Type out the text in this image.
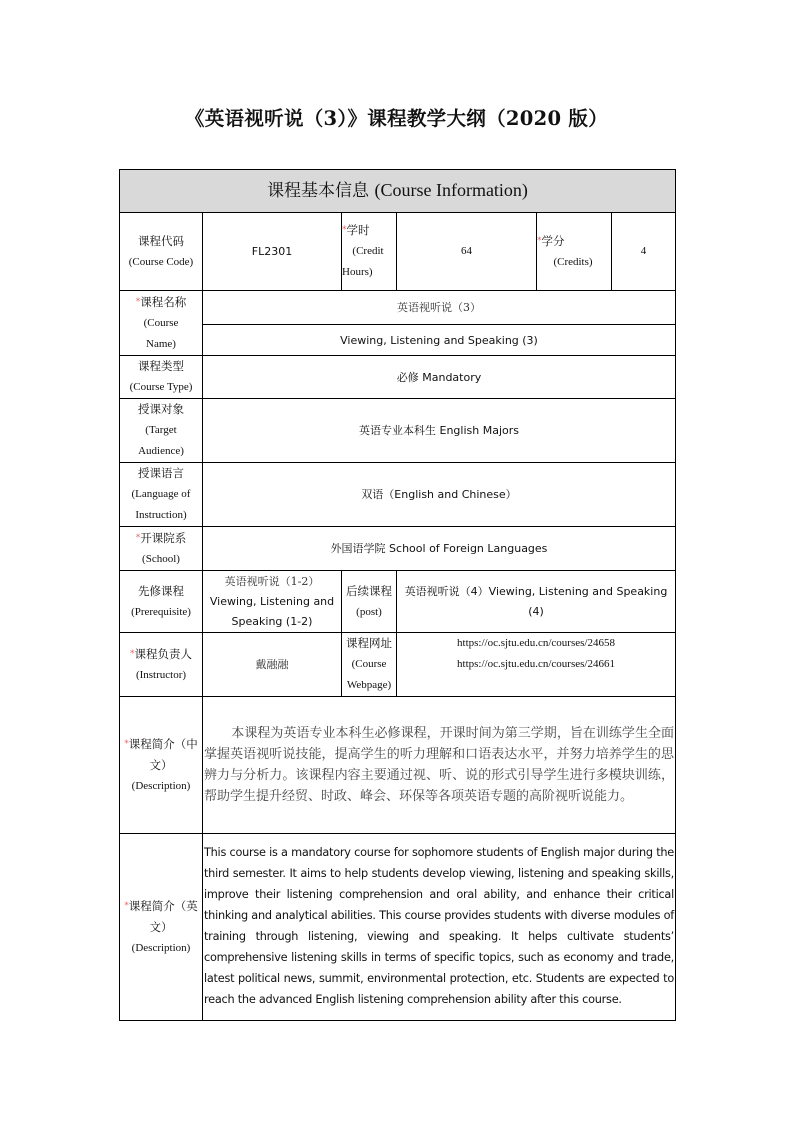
《英语视听说（3）》课程教学大纲（2020 版）
课程基本信息 (Course Information)					

课程代码
(Course Code)	FL2301	*学时
(Credit
Hours)	64	*学分
(Credits)	4

*课程名称
(Course
Name)	英语视听说（3）				
	Viewing, Listening and Speaking (3)				

课程类型
(Course Type)	必修 Mandatory				

授课对象
(Target
Audience)	英语专业本科生 English Majors				

授课语言
(Language of
Instruction)	双语（English and Chinese）				

*开课院系
(School)	外国语学院 School of Foreign Languages				

先修课程
(Prerequisite)	英语视听说（1-2）
Viewing, Listening and Speaking (1-2)	后续课程
(post)	英语视听说（4）Viewing, Listening and Speaking (4)		

*课程负责人
(Instructor)	戴融融	课程网址
(Course
Webpage)	https://oc.sjtu.edu.cn/courses/24658
https://oc.sjtu.edu.cn/courses/24661		

*课程简介（中文）
(Description)	本课程为英语专业本科生必修课程，开课时间为第三学期，旨在训练学生全面掌握英语视听说技能，提高学生的听力理解和口语表达水平，并努力培养学生的思辨力与分析力。该课程内容主要通过视、听、说的形式引导学生进行多模块训练，帮助学生提升经贸、时政、峰会、环保等各项英语专题的高阶视听说能力。				

*课程简介（英文）
(Description)	This course is a mandatory course for sophomore students of English major during the third semester. It aims to help students develop viewing, listening and speaking skills, improve their listening comprehension and oral ability, and enhance their critical thinking and analytical abilities. This course provides students with diverse modules of training through listening, viewing and speaking. It helps cultivate students’ comprehensive listening skills in terms of specific topics, such as economy and trade, latest political news, summit, environmental protection, etc. Students are expected to reach the advanced English listening comprehension ability after this course.				
